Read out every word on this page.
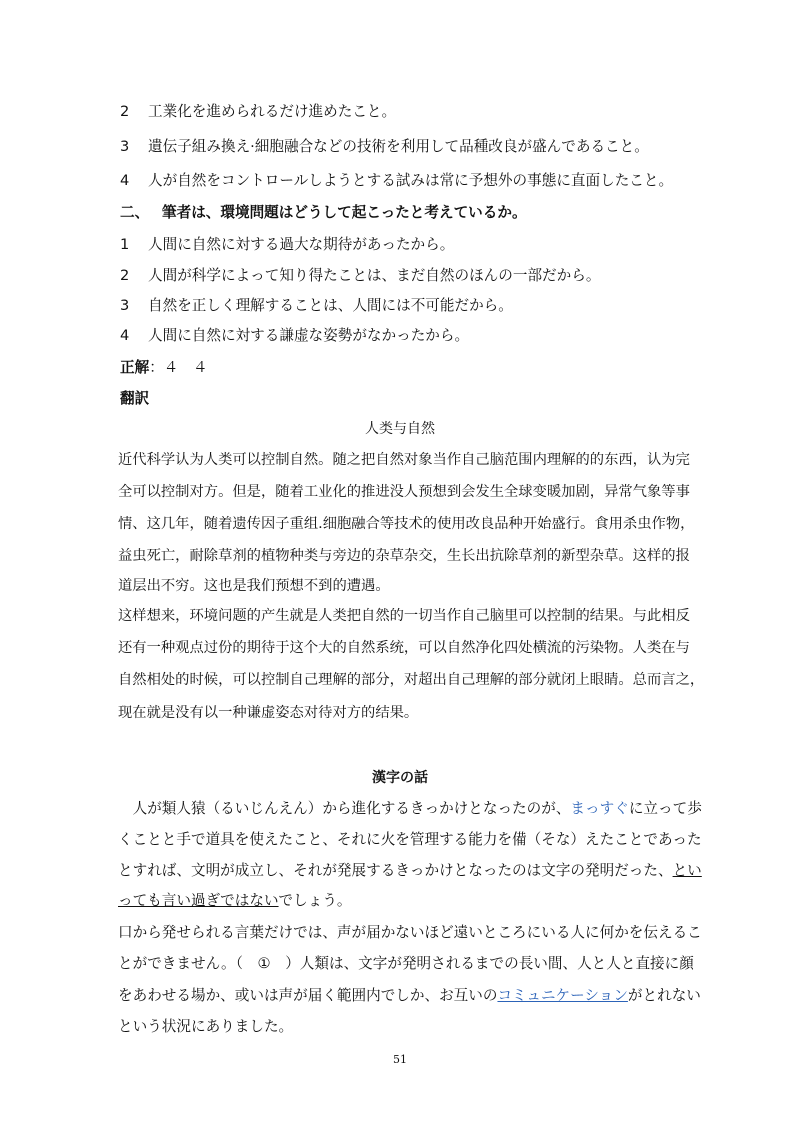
2 工業化を進められるだけ進めたこと。
3 遺伝子組み換え·細胞融合などの技術を利用して品種改良が盛んであること。
4 人が自然をコントロールしようとする試みは常に予想外の事態に直面したこと。
二、 筆者は、環境問題はどうして起こったと考えているか。
1 人間に自然に対する過大な期待があったから。
2 人間が科学によって知り得たことは、まだ自然のほんの一部だから。
3 自然を正しく理解することは、人間には不可能だから。
4 人間に自然に対する謙虚な姿勢がなかったから。
正解：４　４
翻訳
人类与自然
近代科学认为人类可以控制自然。随之把自然对象当作自己脑范围内理解的的东西，认为完
全可以控制对方。但是，随着工业化的推进没人预想到会发生全球变暖加剧，异常气象等事
情、这几年，随着遗传因子重组.细胞融合等技术的使用改良品种开始盛行。食用杀虫作物，
益虫死亡，耐除草剂的植物种类与旁边的杂草杂交，生长出抗除草剂的新型杂草。这样的报
道层出不穷。这也是我们预想不到的遭遇。
这样想来，环境问题的产生就是人类把自然的一切当作自己脑里可以控制的结果。与此相反
还有一种观点过份的期待于这个大的自然系统，可以自然净化四处横流的污染物。人类在与
自然相处的时候，可以控制自己理解的部分，对超出自己理解的部分就闭上眼睛。总而言之，
现在就是没有以一种谦虚姿态对待对方的结果。
漢字の話
　人が類人猿（るいじんえん）から進化するきっかけとなったのが、まっすぐに立って歩
くことと手で道具を使えたこと、それに火を管理する能力を備（そな）えたことであった
とすれば、文明が成立し、それが発展するきっかけとなったのは文字の発明だった、とい
っても言い過ぎではないでしょう。
口から発せられる言葉だけでは、声が届かないほど遠いところにいる人に何かを伝えるこ
とができません。（　①　）人類は、文字が発明されるまでの長い間、人と人と直接に顔
をあわせる場か、或いは声が届く範囲内でしか、お互いのコミュニケーションがとれない
という状況にありました。
51
